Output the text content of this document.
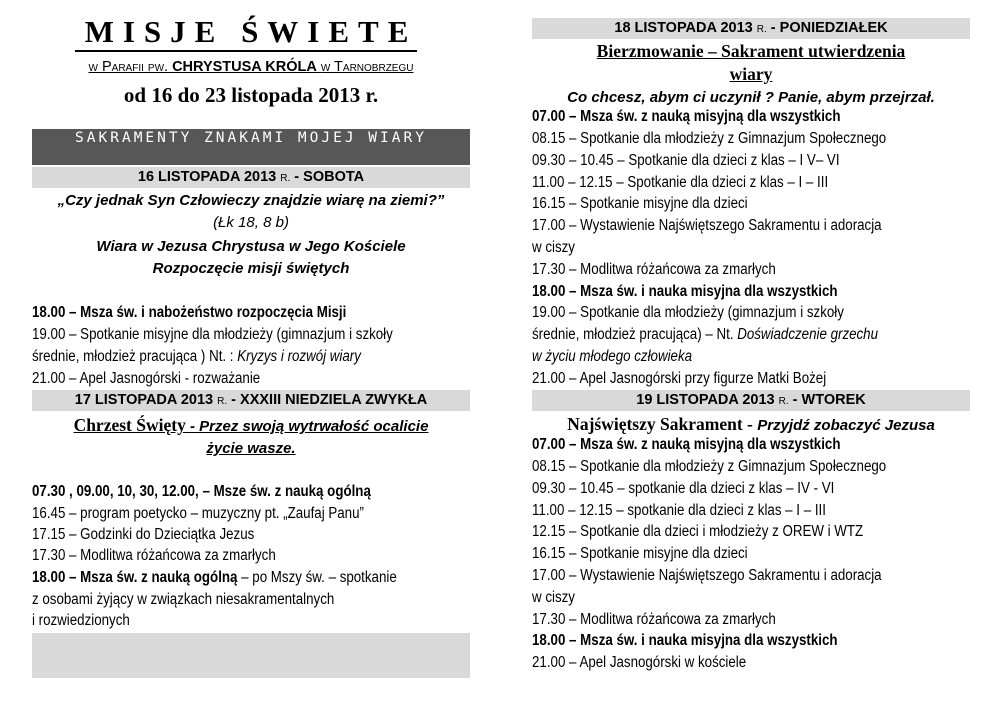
MISJE ŚWIETE
w Parafii pw. CHRYSTUSA KRÓLA w Tarnobrzegu
od 16 do 23 listopada 2013 r.
SAKRAMENTY ZNAKAMI MOJEJ WIARY
16 LISTOPADA 2013 R. - SOBOTA
„Czy jednak Syn Człowieczy znajdzie wiarę na ziemi?”
(Łk 18, 8 b)
Wiara w Jezusa Chrystusa w Jego Kościele
Rozpoczęcie misji świętych
18.00 – Msza św. i nabożeństwo rozpoczęcia Misji
19.00 – Spotkanie misyjne dla młodzieży (gimnazjum i szkoły
średnie, młodzież pracująca ) Nt. : Kryzys i rozwój wiary
21.00 – Apel Jasnogórski - rozważanie
17 LISTOPADA 2013 R. - XXXIII NIEDZIELA ZWYKŁA
Chrzest Święty - Przez swoją wytrwałość ocalicie
życie wasze.
07.30 , 09.00, 10, 30, 12.00, – Msze św. z nauką ogólną
16.45 – program poetycko – muzyczny pt. „Zaufaj Panu”
17.15 – Godzinki do Dzieciątka Jezus
17.30 – Modlitwa różańcowa za zmarłych
18.00 – Msza św. z nauką ogólną – po Mszy św. – spotkanie
z osobami żyjący w związkach niesakramentalnych
i rozwiedzionych
18 LISTOPADA 2013 R. - PONIEDZIAŁEK
Bierzmowanie – Sakrament utwierdzenia
wiary
Co chcesz, abym ci uczynił ? Panie, abym przejrzał.
07.00 – Msza św. z nauką misyjną dla wszystkich
08.15 – Spotkanie dla młodzieży z Gimnazjum Społecznego
09.30 – 10.45 – Spotkanie dla dzieci z klas – I V– VI
11.00 – 12.15 – Spotkanie dla dzieci z klas – I – III
16.15 – Spotkanie misyjne dla dzieci
17.00 – Wystawienie Najświętszego Sakramentu i adoracja
w ciszy
17.30 – Modlitwa różańcowa za zmarłych
18.00 – Msza św. i nauka misyjna dla wszystkich
19.00 – Spotkanie dla młodzieży (gimnazjum i szkoły
średnie, młodzież pracująca) – Nt. Doświadczenie grzechu
w życiu młodego człowieka
21.00 – Apel Jasnogórski przy figurze Matki Bożej
19 LISTOPADA 2013 R. - WTOREK
Najświętszy Sakrament - Przyjdź zobaczyć Jezusa
07.00 – Msza św. z nauką misyjną dla wszystkich
08.15 – Spotkanie dla młodzieży z Gimnazjum Społecznego
09.30 – 10.45 – spotkanie dla dzieci z klas – IV - VI
11.00 – 12.15 – spotkanie dla dzieci z klas – I – III
12.15 – Spotkanie dla dzieci i młodzieży z OREW i WTZ
16.15 – Spotkanie misyjne dla dzieci
17.00 – Wystawienie Najświętszego Sakramentu i adoracja
w ciszy
17.30 – Modlitwa różańcowa za zmarłych
18.00 – Msza św. i nauka misyjna dla wszystkich
21.00 – Apel Jasnogórski w kościele
